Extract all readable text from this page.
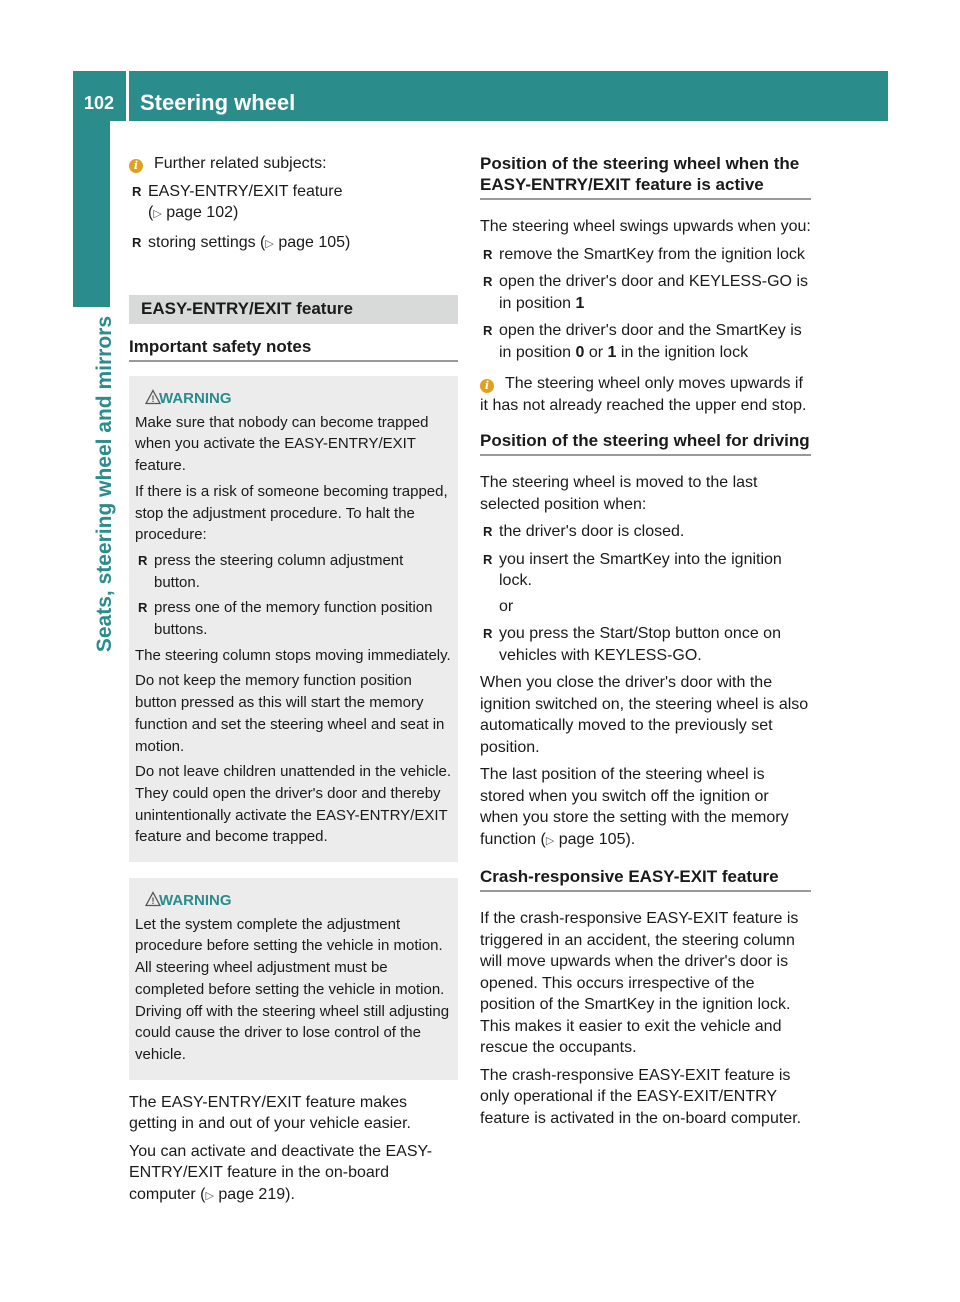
102 Steering wheel
Seats, steering wheel and mirrors

i Further related subjects:

R EASY-ENTRY/EXIT feature
(▷ page 102)
R storing settings (▷ page 105)
EASY-ENTRY/EXIT feature
Important safety notes
! WARNING

Make sure that nobody can become trapped when you activate the EASY-ENTRY/EXIT feature.

If there is a risk of someone becoming trapped, stop the adjustment procedure. To halt the procedure:

R press the steering column adjustment button.
R press one of the memory function position buttons.

The steering column stops moving immediately.

Do not keep the memory function position button pressed as this will start the memory function and set the steering wheel and seat in motion.

Do not leave children unattended in the vehicle. They could open the driver's door and thereby unintentionally activate the EASY-ENTRY/EXIT feature and become trapped.

! WARNING

Let the system complete the adjustment procedure before setting the vehicle in motion. All steering wheel adjustment must be completed before setting the vehicle in motion. Driving off with the steering wheel still adjusting could cause the driver to lose control of the vehicle.

The EASY-ENTRY/EXIT feature makes getting in and out of your vehicle easier.

You can activate and deactivate the EASY-ENTRY/EXIT feature in the on-board computer (▷ page 219).

Position of the steering wheel when the EASY-ENTRY/EXIT feature is active

The steering wheel swings upwards when you:

R remove the SmartKey from the ignition lock
R open the driver's door and KEYLESS-GO is in position 1
R open the driver's door and the SmartKey is in position 0 or 1 in the ignition lock

i The steering wheel only moves upwards if it has not already reached the upper end stop.

Position of the steering wheel for driving

The steering wheel is moved to the last selected position when:

R the driver's door is closed.
R you insert the SmartKey into the ignition lock.

or

R you press the Start/Stop button once on vehicles with KEYLESS-GO.

When you close the driver's door with the ignition switched on, the steering wheel is also automatically moved to the previously set position.

The last position of the steering wheel is stored when you switch off the ignition or when you store the setting with the memory function (▷ page 105).

Crash-responsive EASY-EXIT feature

If the crash-responsive EASY-EXIT feature is triggered in an accident, the steering column will move upwards when the driver's door is opened. This occurs irrespective of the position of the SmartKey in the ignition lock. This makes it easier to exit the vehicle and rescue the occupants.

The crash-responsive EASY-EXIT feature is only operational if the EASY-EXIT/ENTRY feature is activated in the on-board computer.
